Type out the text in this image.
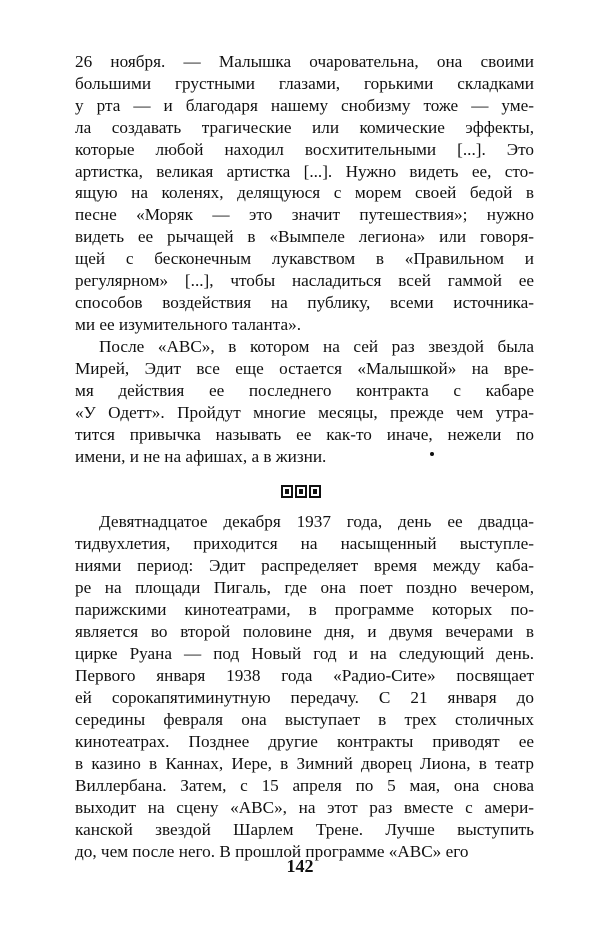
26 ноября. — Малышка очаровательна, она своими
большими грустными глазами, горькими складками
у рта — и благодаря нашему снобизму тоже — уме-
ла создавать трагические или комические эффекты,
которые любой находил восхитительными [...]. Это
артистка, великая артистка [...]. Нужно видеть ее, сто-
ящую на коленях, делящуюся с морем своей бедой в
песне «Моряк — это значит путешествия»; нужно
видеть ее рычащей в «Вымпеле легиона» или говоря-
щей с бесконечным лукавством в «Правильном и
регулярном» [...], чтобы насладиться всей гаммой ее
способов воздействия на публику, всеми источника-
ми ее изумительного таланта».
После «ABC», в котором на сей раз звездой была
Мирей, Эдит все еще остается «Малышкой» на вре-
мя действия ее последнего контракта с кабаре
«У Одетт». Пройдут многие месяцы, прежде чем утра-
тится привычка называть ее как-то иначе, нежели по
имени, и не на афишах, а в жизни.
Девятнадцатое декабря 1937 года, день ее двадца-
тидвухлетия, приходится на насыщенный выступле-
ниями период: Эдит распределяет время между каба-
ре на площади Пигаль, где она поет поздно вечером,
парижскими кинотеатрами, в программе которых по-
является во второй половине дня, и двумя вечерами в
цирке Руана — под Новый год и на следующий день.
Первого января 1938 года «Радио-Сите» посвящает
ей сорокапятиминутную передачу. С 21 января до
середины февраля она выступает в трех столичных
кинотеатрах. Позднее другие контракты приводят ее
в казино в Каннах, Иере, в Зимний дворец Лиона, в театр
Виллербана. Затем, с 15 апреля по 5 мая, она снова
выходит на сцену «ABC», на этот раз вместе с амери-
канской звездой Шарлем Трене. Лучше выступить
до, чем после него. В прошлой программе «ABC» его
142
